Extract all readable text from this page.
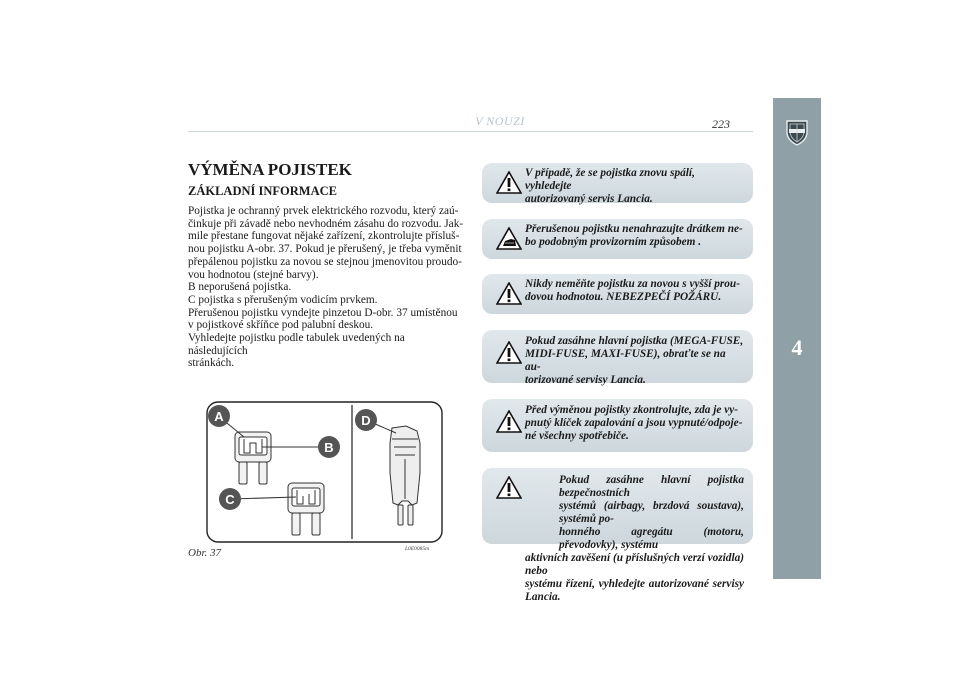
V NOUZI	223
4
VÝMĚNA POJISTEK
ZÁKLADNÍ INFORMACE

Pojistka je ochranný prvek elektrického rozvodu, který zaú-

činkuje při závadě nebo nevhodném zásahu do rozvodu. Jak-

mile přestane fungovat nějaké zařízení, zkontrolujte přísluš-

nou pojistku A-obr. 37. Pokud je přerušený, je třeba vyměnit

přepálenou pojistku za novou se stejnou jmenovitou proudo-

vou hodnotou (stejné barvy).

B neporušená pojistka.

C pojistka s přerušeným vodicím prvkem.

Přerušenou pojistku vyndejte pinzetou D-obr. 37 umístěnou

v pojistkové skříňce pod palubní deskou.

Vyhledejte pojistku podle tabulek uvedených na následujících

stránkách.

A
B
C
D
Obr. 37	L0E0085m
V případě, že se pojistka znovu spálí, vyhledejte
autorizovaný servis Lancia.
Přerušenou pojistku nenahrazujte drátkem ne-
bo podobným provizorním způsobem .
Nikdy neměňte pojistku za novou s vyšší prou-
dovou hodnotou. NEBEZPEČÍ POŽÁRU.
Pokud zasáhne hlavní pojistka (MEGA-FUSE,
MIDI-FUSE, MAXI-FUSE), obraťte se na au-
torizované servisy Lancia.
Před výměnou pojistky zkontrolujte, zda je vy-
pnutý klíček zapalování a jsou vypnuté/odpoje-
né všechny spotřebiče.

Pokud zasáhne hlavní pojistka bezpečnostních

systémů (airbagy, brzdová soustava), systémů po-

honného agregátu (motoru, převodovky), systému

aktivních zavěšení (u příslušných verzí vozidla) nebo

systému řízení, vyhledejte autorizované servisy Lancia.
